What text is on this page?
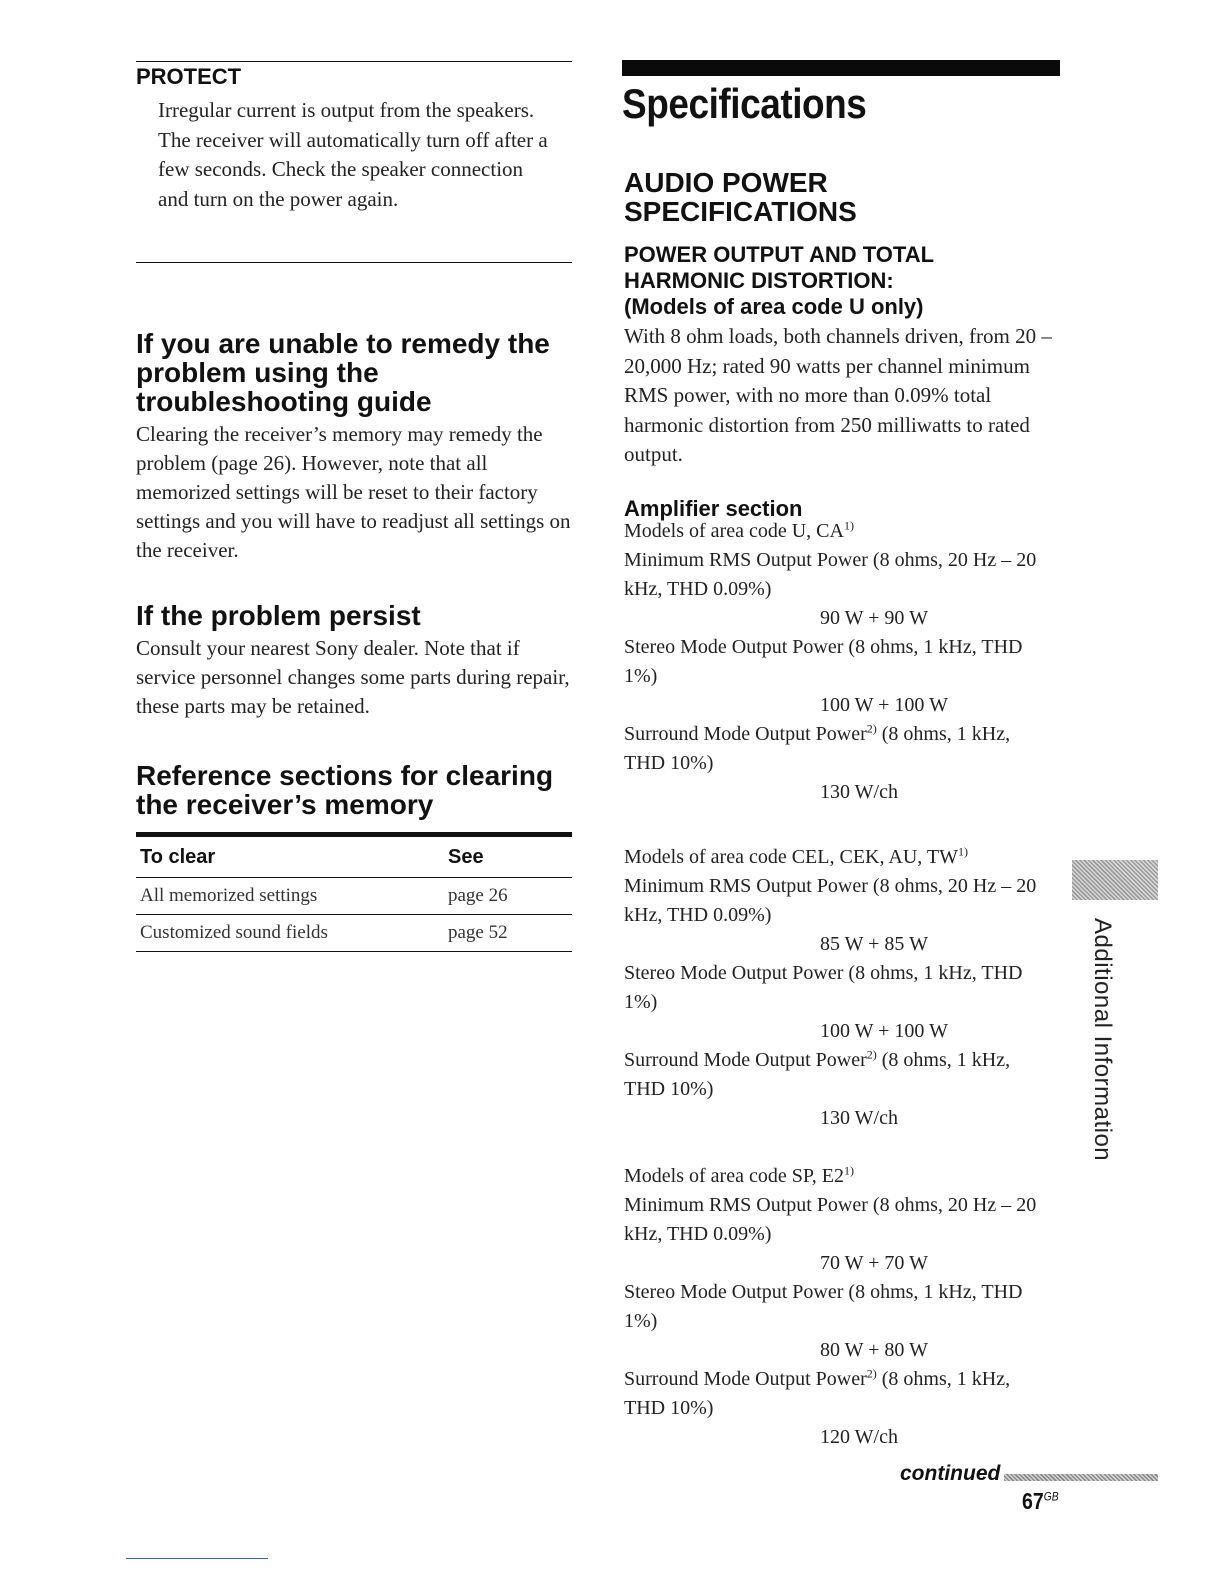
PROTECT

Irregular current is output from the speakers. The receiver will automatically turn off after a few seconds. Check the speaker connection and turn on the power again.

If you are unable to remedy the problem using the troubleshooting guide

Clearing the receiver’s memory may remedy the problem (page 26). However, note that all memorized settings will be reset to their factory settings and you will have to readjust all settings on the receiver.

If the problem persist

Consult your nearest Sony dealer. Note that if service personnel changes some parts during repair, these parts may be retained.

Reference sections for clearing the receiver’s memory
To clear	See
All memorized settings	page 26
Customized sound fields	page 52
Specifications
AUDIO POWER SPECIFICATIONS
POWER OUTPUT AND TOTAL
HARMONIC DISTORTION:
(Models of area code U only)

With 8 ohm loads, both channels driven, from 20 – 20,000 Hz; rated 90 watts per channel minimum RMS power, with no more than 0.09% total harmonic distortion from 250 milliwatts to rated output.

Amplifier section

Models of area code U, CA$^{1)}$

Minimum RMS Output Power (8 ohms, 20 Hz – 20 kHz, THD 0.09%)

90 W + 90 W

Stereo Mode Output Power (8 ohms, 1 kHz, THD 1%)

100 W + 100 W

Surround Mode Output Power$^{2)}$ (8 ohms, 1 kHz, THD 10%)

130 W/ch

Models of area code CEL, CEK, AU, TW$^{1)}$

Minimum RMS Output Power (8 ohms, 20 Hz – 20 kHz, THD 0.09%)

85 W + 85 W

Stereo Mode Output Power (8 ohms, 1 kHz, THD 1%)

100 W + 100 W

Surround Mode Output Power$^{2)}$ (8 ohms, 1 kHz, THD 10%)

130 W/ch

Models of area code SP, E2$^{1)}$

Minimum RMS Output Power (8 ohms, 20 Hz – 20 kHz, THD 0.09%)

70 W + 70 W

Stereo Mode Output Power (8 ohms, 1 kHz, THD 1%)

80 W + 80 W

Surround Mode Output Power$^{2)}$ (8 ohms, 1 kHz, THD 10%)

120 W/ch

Additional Information
continued
$67^{GB}$
